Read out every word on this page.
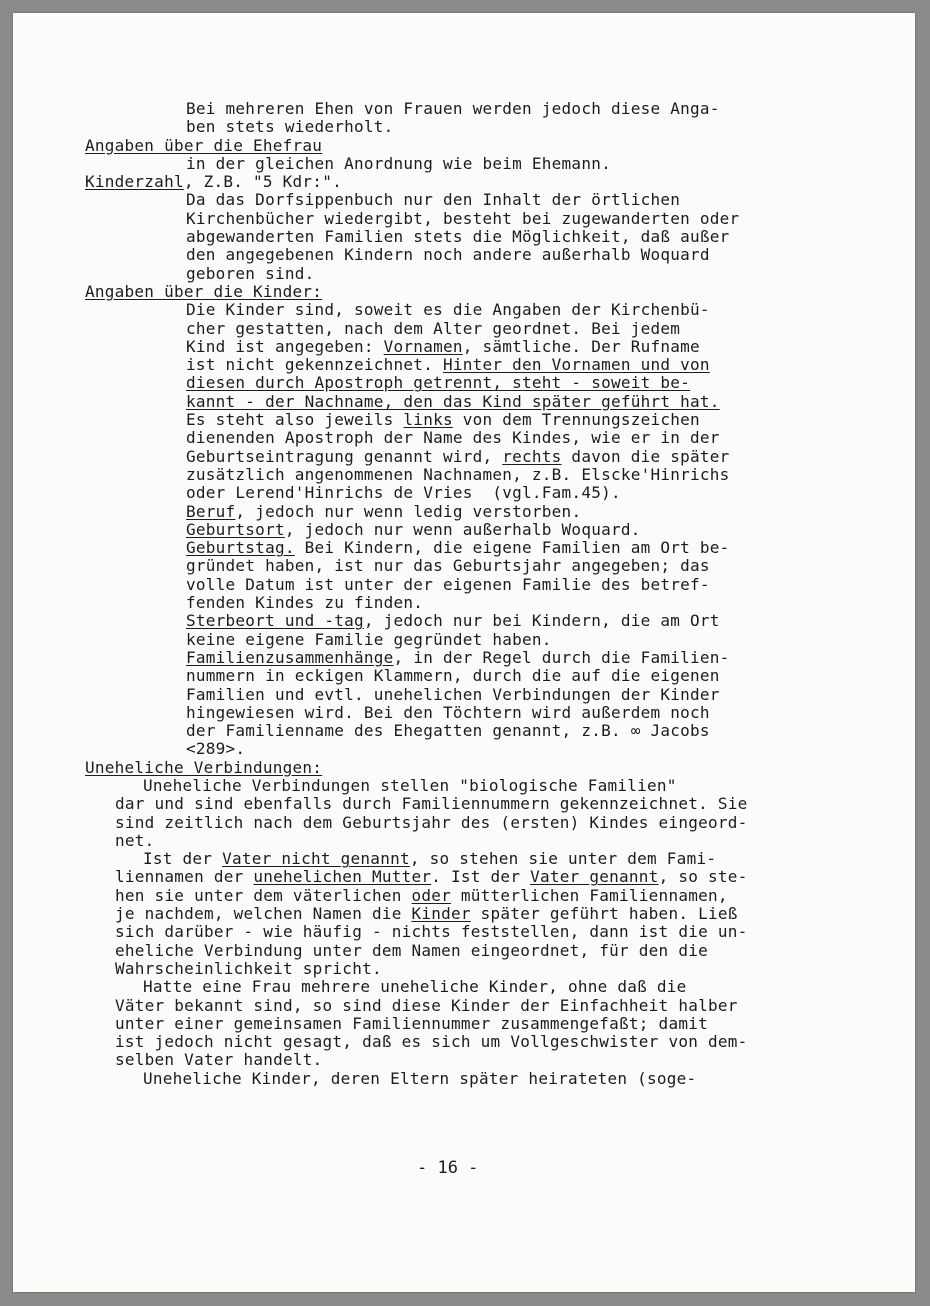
Bei mehreren Ehen von Frauen werden jedoch diese Anga-
ben stets wiederholt.
Angaben über die Ehefrau
in der gleichen Anordnung wie beim Ehemann.
Kinderzahl, Z.B. "5 Kdr:".
Da das Dorfsippenbuch nur den Inhalt der örtlichen
Kirchenbücher wiedergibt, besteht bei zugewanderten oder
abgewanderten Familien stets die Möglichkeit, daß außer
den angegebenen Kindern noch andere außerhalb Woquard
geboren sind.
Angaben über die Kinder:
Die Kinder sind, soweit es die Angaben der Kirchenbü-
cher gestatten, nach dem Alter geordnet. Bei jedem
Kind ist angegeben: Vornamen, sämtliche. Der Rufname
ist nicht gekennzeichnet. Hinter den Vornamen und von
diesen durch Apostroph getrennt, steht - soweit be-
kannt - der Nachname, den das Kind später geführt hat.
Es steht also jeweils links von dem Trennungszeichen
dienenden Apostroph der Name des Kindes, wie er in der
Geburtseintragung genannt wird, rechts davon die später
zusätzlich angenommenen Nachnamen, z.B. Elscke'Hinrichs
oder Lerend'Hinrichs de Vries  (vgl.Fam.45).
Beruf, jedoch nur wenn ledig verstorben.
Geburtsort, jedoch nur wenn außerhalb Woquard.
Geburtstag. Bei Kindern, die eigene Familien am Ort be-
gründet haben, ist nur das Geburtsjahr angegeben; das
volle Datum ist unter der eigenen Familie des betref-
fenden Kindes zu finden.
Sterbeort und -tag, jedoch nur bei Kindern, die am Ort
keine eigene Familie gegründet haben.
Familienzusammenhänge, in der Regel durch die Familien-
nummern in eckigen Klammern, durch die auf die eigenen
Familien und evtl. unehelichen Verbindungen der Kinder
hingewiesen wird. Bei den Töchtern wird außerdem noch
der Familienname des Ehegatten genannt, z.B. ∞ Jacobs
<289>.
Uneheliche Verbindungen:
Uneheliche Verbindungen stellen "biologische Familien"
dar und sind ebenfalls durch Familiennummern gekennzeichnet. Sie
sind zeitlich nach dem Geburtsjahr des (ersten) Kindes eingeord-
net.
Ist der Vater nicht genannt, so stehen sie unter dem Fami-
liennamen der unehelichen Mutter. Ist der Vater genannt, so ste-
hen sie unter dem väterlichen oder mütterlichen Familiennamen,
je nachdem, welchen Namen die Kinder später geführt haben. Ließ
sich darüber - wie häufig - nichts feststellen, dann ist die un-
eheliche Verbindung unter dem Namen eingeordnet, für den die
Wahrscheinlichkeit spricht.
Hatte eine Frau mehrere uneheliche Kinder, ohne daß die
Väter bekannt sind, so sind diese Kinder der Einfachheit halber
unter einer gemeinsamen Familiennummer zusammengefaßt; damit
ist jedoch nicht gesagt, daß es sich um Vollgeschwister von dem-
selben Vater handelt.
Uneheliche Kinder, deren Eltern später heirateten (soge-
- 16 -
